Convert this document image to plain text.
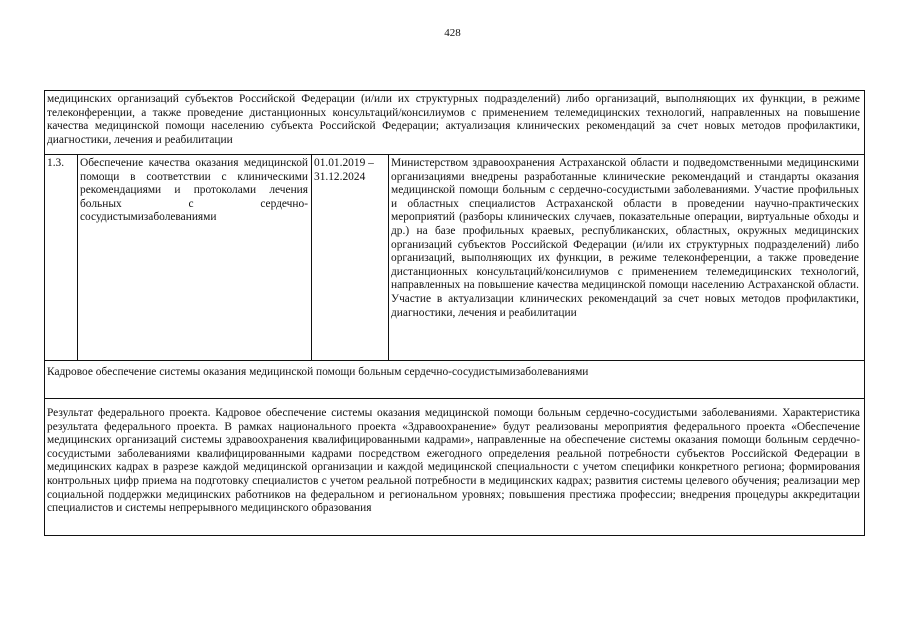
428
медицинских организаций субъектов Российской Федерации (и/или их структурных подразделений) либо организаций, выполняющих их функции, в режиме телеконференции, а также проведение дистанционных консультаций/консилиумов с применением телемедицинских технологий, направленных на повышение качества медицинской помощи населению субъекта Российской Федерации; актуализация клинических рекомендаций за счет новых методов профилактики, диагностики, лечения и реабилитации
1.3.	Обеспечение качества оказания медицинской помощи в соответствии с клиническими рекомендациями и протоколами лечения больных с сердечно-сосудистымизаболеваниями
01.01.2019 –
31.12.2024
Министерством здравоохранения Астраханской области и подведомственными медицинскими организациями внедрены разработанные клинические рекомендаций и стандарты оказания медицинской помощи больным с сердечно-сосудистыми заболеваниями. Участие профильных и областных специалистов Астраханской области в проведении научно-практических мероприятий (разборы клинических случаев, показательные операции, виртуальные обходы и др.) на базе профильных краевых, республиканских, областных, окружных медицинских организаций субъектов Российской Федерации (и/или их структурных подразделений) либо организаций, выполняющих их функции, в режиме телеконференции, а также проведение дистанционных консультаций/консилиумов с применением телемедицинских технологий, направленных на повышение качества медицинской помощи населению Астраханской области. Участие в актуализации клинических рекомендаций за счет новых методов профилактики, диагностики, лечения и реабилитации
Кадровое обеспечение системы оказания медицинской помощи больным сердечно-сосудистымизаболеваниями
Результат федерального проекта. Кадровое обеспечение системы оказания медицинской помощи больным сердечно-сосудистыми заболеваниями. Характеристика результата федерального проекта. В рамках национального проекта «Здравоохранение» будут реализованы мероприятия федерального проекта «Обеспечение медицинских организаций системы здравоохранения квалифицированными кадрами», направленные на обеспечение системы оказания помощи больным сердечно-сосудистыми заболеваниями квалифицированными кадрами посредством ежегодного определения реальной потребности субъектов Российской Федерации в медицинских кадрах в разрезе каждой медицинской организации и каждой медицинской специальности с учетом специфики конкретного региона; формирования контрольных цифр приема на подготовку специалистов с учетом реальной потребности в медицинских кадрах; развития системы целевого обучения; реализации мер социальной поддержки медицинских работников на федеральном и региональном уровнях; повышения престижа профессии; внедрения процедуры аккредитации специалистов и системы непрерывного медицинского образования
